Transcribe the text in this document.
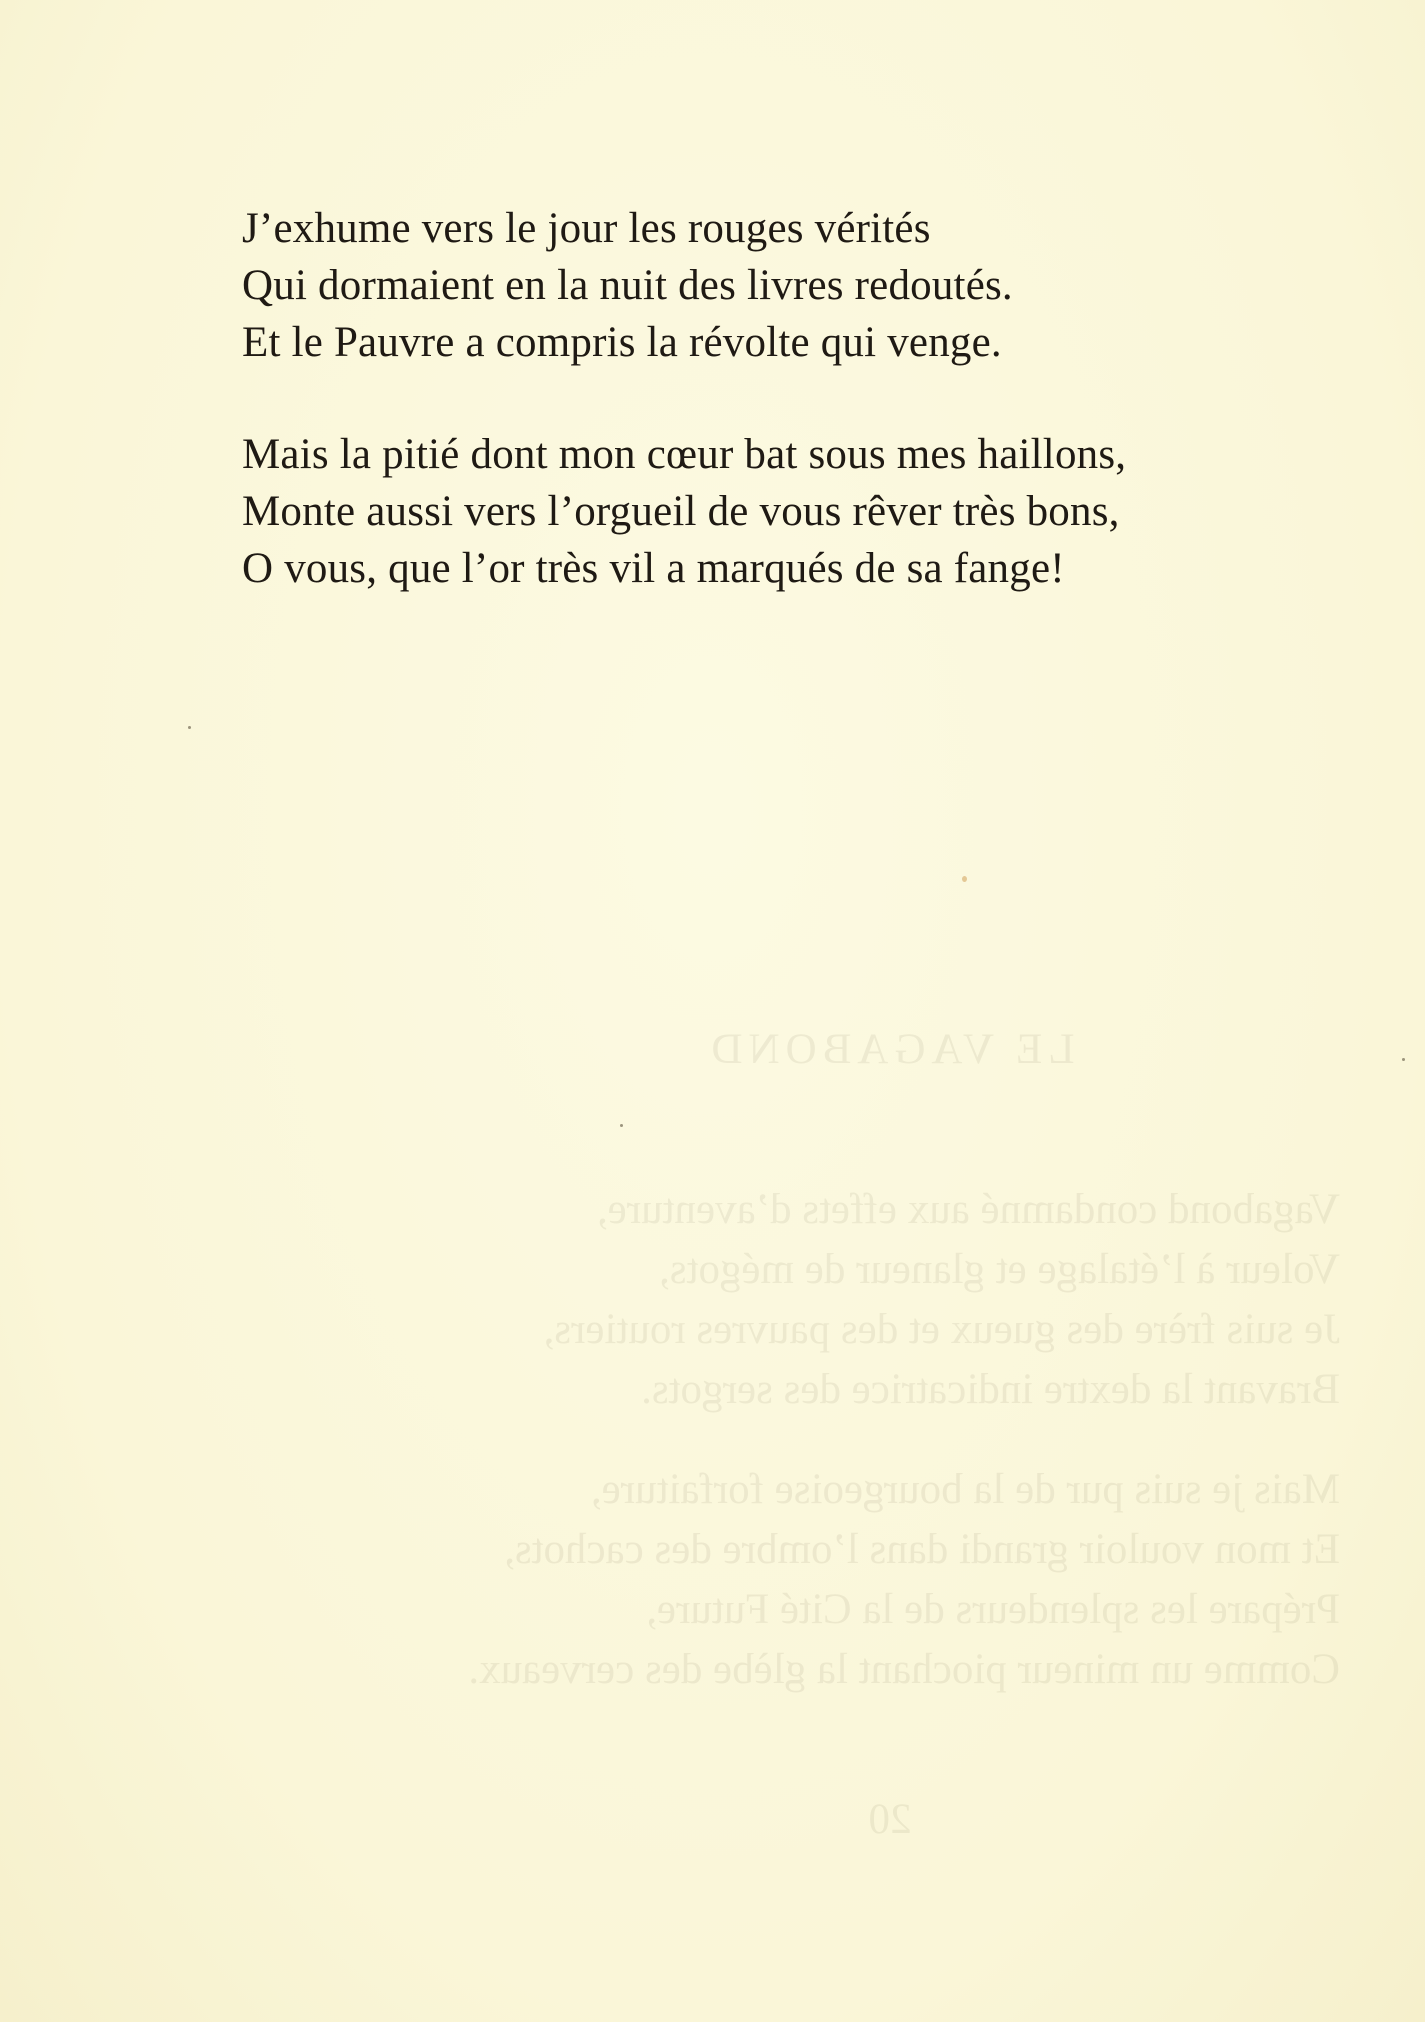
J’exhume vers le jour les rouges vérités
Qui dormaient en la nuit des livres redoutés.
Et le Pauvre a compris la révolte qui venge.

Mais la pitié dont mon cœur bat sous mes haillons,
Monte aussi vers l’orgueil de vous rêver très bons,
O vous, que l’or très vil a marqués de sa fange!

LE VAGABOND
Vagabond condamné aux effets d’aventure,
Voleur à l’étalage et glaneur de mégots,
Je suis frère des gueux et des pauvres routiers,
Bravant la dextre indicatrice des sergots.
Mais je suis pur de la bourgeoise forfaiture,
Et mon vouloir grandi dans l’ombre des cachots,
Prépare les splendeurs de la Cité Future,
Comme un mineur piochant la glèbe des cerveaux.
20
